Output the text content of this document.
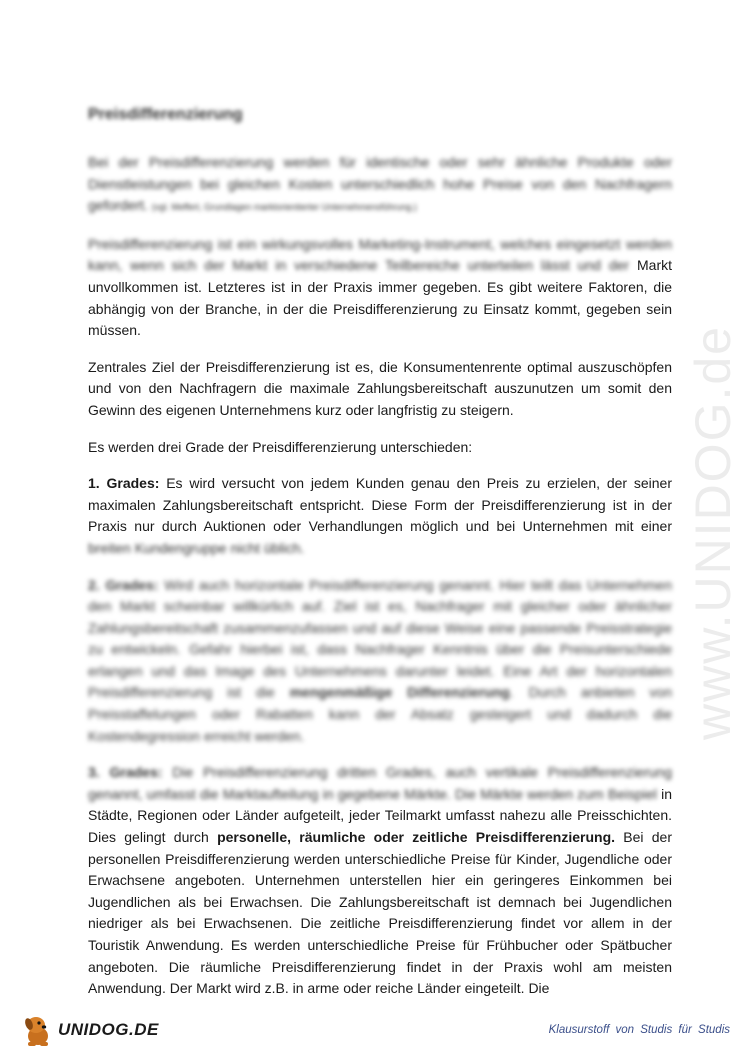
www.UNIDOG.de
Preisdifferenzierung

Bei der Preisdifferenzierung werden für identische oder sehr ähnliche Produkte oder Dienstleistungen bei gleichen Kosten unterschiedlich hohe Preise von den Nachfragern gefordert. (vgl. Meffert, Grundlagen marktorientierter Unternehmensführung.)

Preisdifferenzierung ist ein wirkungsvolles Marketing-Instrument, welches eingesetzt werden kann, wenn sich der Markt in verschiedene Teilbereiche unterteilen lässt und der Markt unvollkommen ist. Letzteres ist in der Praxis immer gegeben. Es gibt weitere Faktoren, die abhängig von der Branche, in der die Preisdifferenzierung zu Einsatz kommt, gegeben sein müssen.

Zentrales Ziel der Preisdifferenzierung ist es, die Konsumentenrente optimal auszuschöpfen und von den Nachfragern die maximale Zahlungsbereitschaft auszunutzen um somit den Gewinn des eigenen Unternehmens kurz oder langfristig zu steigern.

Es werden drei Grade der Preisdifferenzierung unterschieden:

1. Grades: Es wird versucht von jedem Kunden genau den Preis zu erzielen, der seiner maximalen Zahlungsbereitschaft entspricht. Diese Form der Preisdifferenzierung ist in der Praxis nur durch Auktionen oder Verhandlungen möglich und bei Unternehmen mit einer breiten Kundengruppe nicht üblich.

2. Grades: Wird auch horizontale Preisdifferenzierung genannt. Hier teilt das Unternehmen den Markt scheinbar willkürlich auf. Ziel ist es, Nachfrager mit gleicher oder ähnlicher Zahlungsbereitschaft zusammenzufassen und auf diese Weise eine passende Preisstrategie zu entwickeln. Gefahr hierbei ist, dass Nachfrager Kenntnis über die Preisunterschiede erlangen und das Image des Unternehmens darunter leidet. Eine Art der horizontalen Preisdifferenzierung ist die mengenmäßige Differenzierung. Durch anbieten von Preisstaffelungen oder Rabatten kann der Absatz gesteigert und dadurch die Kostendegression erreicht werden.

3. Grades: Die Preisdifferenzierung dritten Grades, auch vertikale Preisdifferenzierung genannt, umfasst die Marktaufteilung in gegebene Märkte. Die Märkte werden zum Beispiel in Städte, Regionen oder Länder aufgeteilt, jeder Teilmarkt umfasst nahezu alle Preisschichten. Dies gelingt durch personelle, räumliche oder zeitliche Preisdifferenzierung. Bei der personellen Preisdifferenzierung werden unterschiedliche Preise für Kinder, Jugendliche oder Erwachsene angeboten. Unternehmen unterstellen hier ein geringeres Einkommen bei Jugendlichen als bei Erwachsen. Die Zahlungsbereitschaft ist demnach bei Jugendlichen niedriger als bei Erwachsenen. Die zeitliche Preisdifferenzierung findet vor allem in der Touristik Anwendung. Es werden unterschiedliche Preise für Frühbucher oder Spätbucher angeboten. Die räumliche Preisdifferenzierung findet in der Praxis wohl am meisten Anwendung. Der Markt wird z.B. in arme oder reiche Länder eingeteilt. Die

UNIDOG.DE	Klausurstoff von Studis für Studis
